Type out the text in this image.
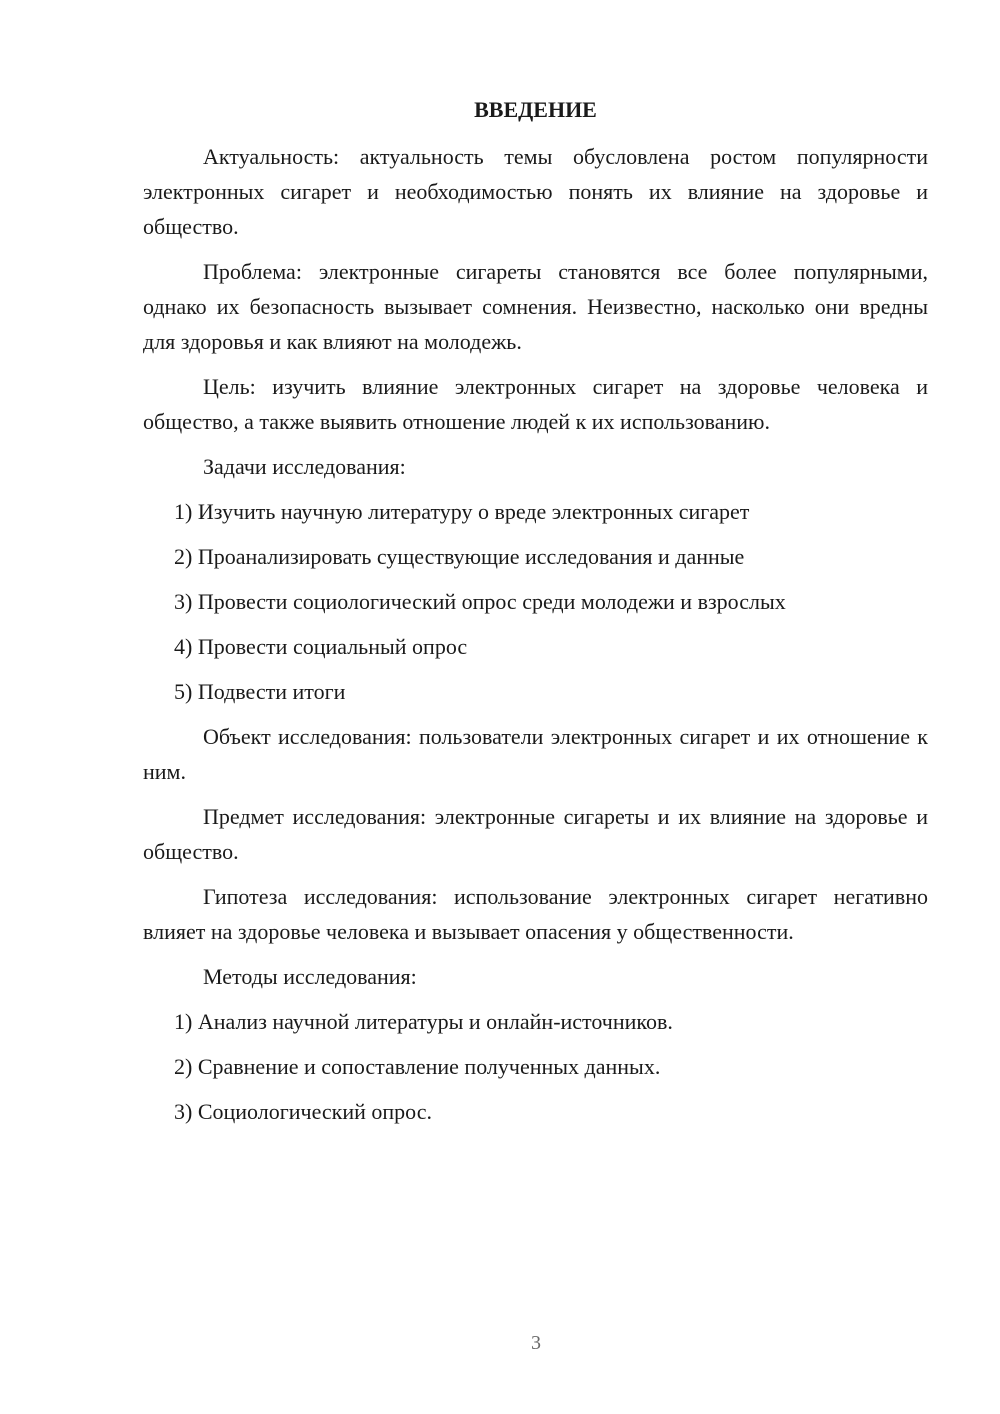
ВВЕДЕНИЕ

Актуальность: актуальность темы обусловлена ростом популярности электронных сигарет и необходимостью понять их влияние на здоровье и общество.

Проблема: электронные сигареты становятся все более популярными, однако их безопасность вызывает сомнения. Неизвестно, насколько они вредны для здоровья и как влияют на молодежь.

Цель: изучить влияние электронных сигарет на здоровье человека и общество, а также выявить отношение людей к их использованию.

Задачи исследования:

1) Изучить научную литературу о вреде электронных сигарет
2) Проанализировать существующие исследования и данные
3) Провести социологический опрос среди молодежи и взрослых
4) Провести социальный опрос
5) Подвести итоги

Объект исследования: пользователи электронных сигарет и их отношение к ним.

Предмет исследования: электронные сигареты и их влияние на здоровье и общество.

Гипотеза исследования: использование электронных сигарет негативно влияет на здоровье человека и вызывает опасения у общественности.

Методы исследования:

1) Анализ научной литературы и онлайн-источников.
2) Сравнение и сопоставление полученных данных.
3) Социологический опрос.
3
